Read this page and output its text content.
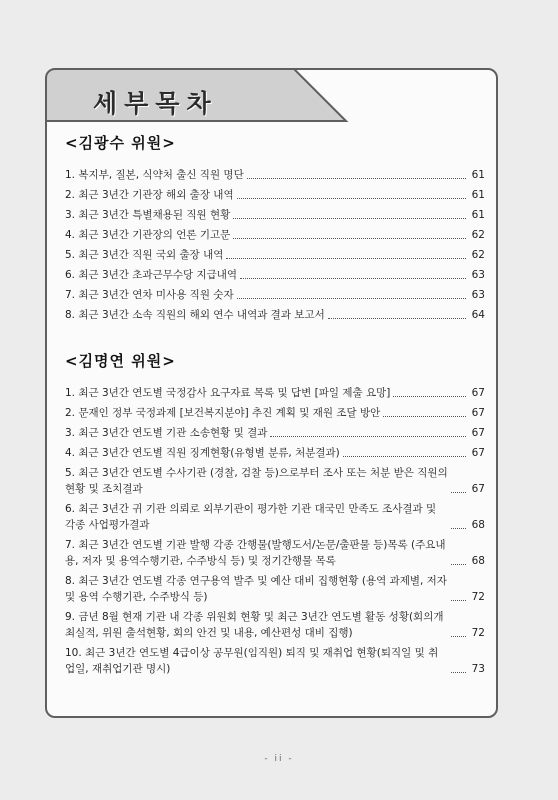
세부목차
<김광수 위원>
1. 복지부, 질본, 식약처 출신 직원 명단	61
2. 최근 3년간 기관장 해외 출장 내역	61
3. 최근 3년간 특별채용된 직원 현황	61
4. 최근 3년간 기관장의 언론 기고문	62
5. 최근 3년간 직원 국외 출장 내역	62
6. 최근 3년간 초과근무수당 지급내역	63
7. 최근 3년간 연차 미사용 직원 숫자	63
8. 최근 3년간 소속 직원의 해외 연수 내역과 결과 보고서	64
<김명연 위원>
1. 최근 3년간 연도별 국정감사 요구자료 목록 및 답변 [파일 제출 요망]	67
2. 문재인 정부 국정과제 [보건복지분야] 추진 계획 및 재원 조달 방안	67
3. 최근 3년간 연도별 기관 소송현황 및 결과	67
4. 최근 3년간 연도별 직원 징계현황(유형별 분류, 처분결과)	67
5. 최근 3년간 연도별 수사기관 (경찰, 검찰 등)으로부터 조사 또는 처분 받은 직원의 현황 및 조치결과	67
6. 최근 3년간 귀 기관 의뢰로 외부기관이 평가한 기관 대국민 만족도 조사결과 및 각종 사업평가결과	68
7. 최근 3년간 연도별 기관 발행 각종 간행물(발행도서/논문/출판물 등)목록 (주요내용, 저자 및 용역수행기관, 수주방식 등) 및 정기간행물 목록	68
8. 최근 3년간 연도별 각종 연구용역 발주 및 예산 대비 집행현황 (용역 과제별, 저자 및 용역 수행기관, 수주방식 등)	72
9. 금년 8월 현재 기관 내 각종 위원회 현황 및 최근 3년간 연도별 활동 성황(회의개최실적, 위원 출석현황, 회의 안건 및 내용, 예산편성 대비 집행)	72
10. 최근 3년간 연도별 4급이상 공무원(임직원) 퇴직 및 재취업 현황(퇴직일 및 취업일, 재취업기관 명시)	73
- ii -
